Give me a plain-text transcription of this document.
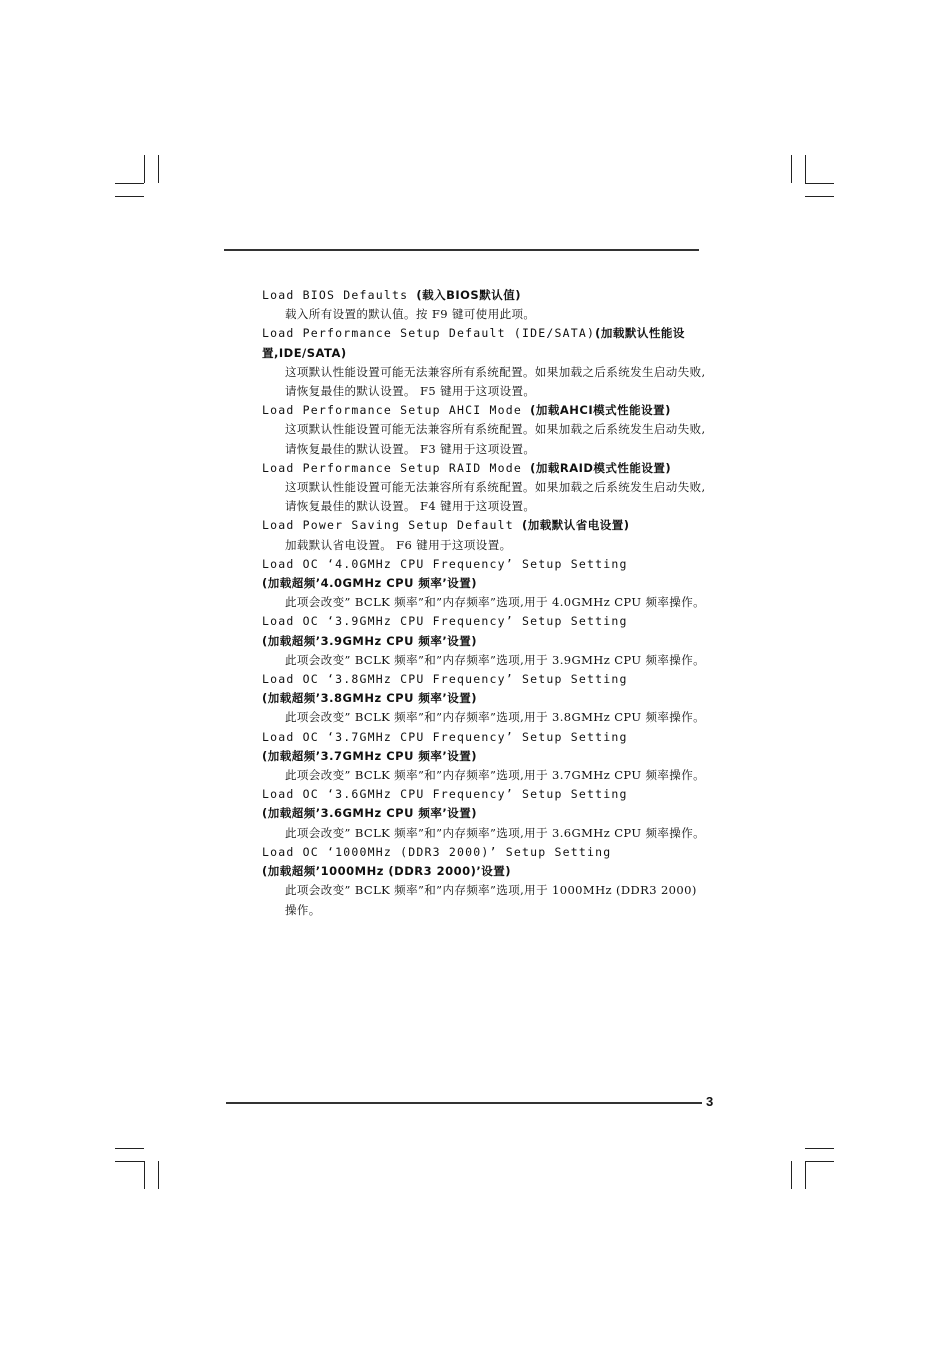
Load BIOS Defaults (载入BIOS默认值)
载入所有设置的默认值。按 F9 键可使用此项。
Load Performance Setup Default (IDE/SATA)(加载默认性能设置,IDE/SATA)
这项默认性能设置可能无法兼容所有系统配置。如果加载之后系统发生启动失败,请恢复最佳的默认设置。 F5 键用于这项设置。
Load Performance Setup AHCI Mode (加载AHCI模式性能设置)
这项默认性能设置可能无法兼容所有系统配置。如果加载之后系统发生启动失败,请恢复最佳的默认设置。 F3 键用于这项设置。
Load Performance Setup RAID Mode (加载RAID模式性能设置)
这项默认性能设置可能无法兼容所有系统配置。如果加载之后系统发生启动失败,请恢复最佳的默认设置。 F4 键用于这项设置。
Load Power Saving Setup Default (加载默认省电设置)
加载默认省电设置。 F6 键用于这项设置。
Load OC ‘4.0GMHz CPU Frequency’ Setup Setting
(加载超频’4.0GMHz CPU 频率’设置)
此项会改变” BCLK 频率”和”内存频率”选项,用于 4.0GMHz CPU 频率操作。
Load OC ‘3.9GMHz CPU Frequency’ Setup Setting
(加载超频’3.9GMHz CPU 频率’设置)
此项会改变” BCLK 频率”和”内存频率”选项,用于 3.9GMHz CPU 频率操作。
Load OC ‘3.8GMHz CPU Frequency’ Setup Setting
(加载超频’3.8GMHz CPU 频率’设置)
此项会改变” BCLK 频率”和”内存频率”选项,用于 3.8GMHz CPU 频率操作。
Load OC ‘3.7GMHz CPU Frequency’ Setup Setting
(加载超频’3.7GMHz CPU 频率’设置)
此项会改变” BCLK 频率”和”内存频率”选项,用于 3.7GMHz CPU 频率操作。
Load OC ‘3.6GMHz CPU Frequency’ Setup Setting
(加载超频’3.6GMHz CPU 频率’设置)
此项会改变” BCLK 频率”和”内存频率”选项,用于 3.6GMHz CPU 频率操作。
Load OC ‘1000MHz (DDR3 2000)’ Setup Setting
(加载超频’1000MHz (DDR3 2000)’设置)
此项会改变” BCLK 频率”和”内存频率”选项,用于 1000MHz (DDR3 2000) 操作。
3
